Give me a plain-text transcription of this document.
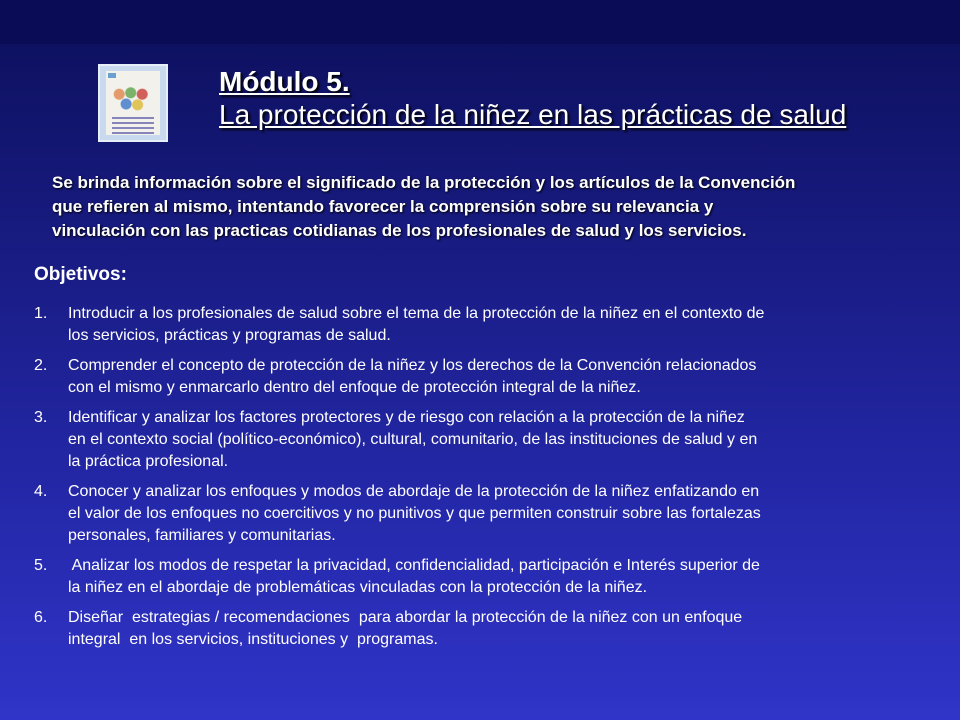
Módulo 5.
La protección de la niñez en las prácticas de salud

Se brinda información sobre el significado de la protección y los artículos de la Convención

que refieren al mismo, intentando favorecer la comprensión sobre su relevancia y

vinculación con las practicas cotidianas de los profesionales de salud y los servicios.

Objetivos:
1.	Introducir a los profesionales de salud sobre el tema de la protección de la niñez en el contexto de
los servicios, prácticas y programas de salud.
2.	Comprender el concepto de protección de la niñez y los derechos de la Convención relacionados
con el mismo y enmarcarlo dentro del enfoque de protección integral de la niñez.
3.	Identificar y analizar los factores protectores y de riesgo con relación a la protección de la niñez
en el contexto social (político-económico), cultural, comunitario, de las instituciones de salud y en
la práctica profesional.
4.	Conocer y analizar los enfoques y modos de abordaje de la protección de la niñez enfatizando en
el valor de los enfoques no coercitivos y no punitivos y que permiten construir sobre las fortalezas
personales, familiares y comunitarias.
5.	Analizar los modos de respetar la privacidad, confidencialidad, participación e Interés superior de
la niñez en el abordaje de problemáticas vinculadas con la protección de la niñez.
6.	Diseñar  estrategias / recomendaciones  para abordar la protección de la niñez con un enfoque
integral  en los servicios, instituciones y  programas.
